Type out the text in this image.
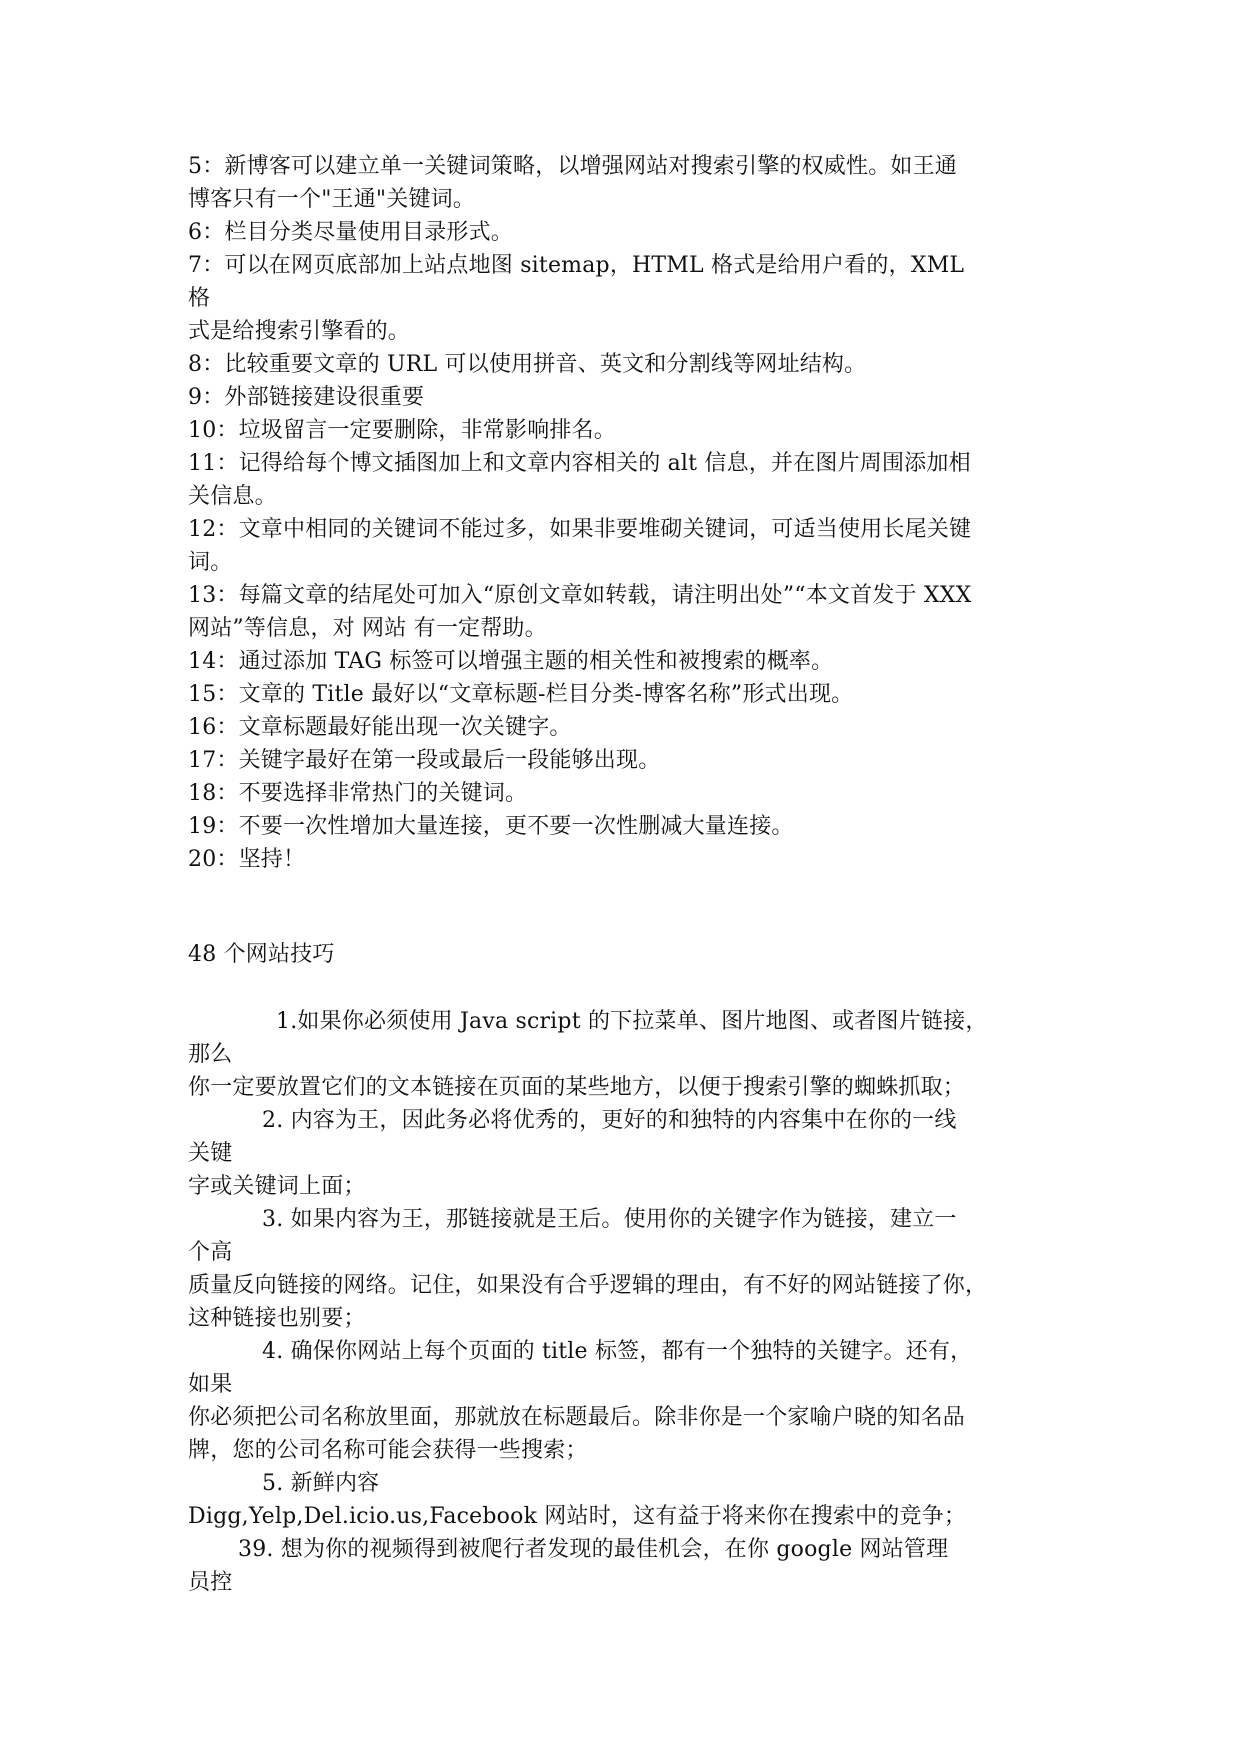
5：新博客可以建立单一关键词策略，以增强网站对搜索引擎的权威性。如王通
博客只有一个"王通"关键词。
6：栏目分类尽量使用目录形式。
7：可以在网页底部加上站点地图 sitemap，HTML 格式是给用户看的，XML
格
式是给搜索引擎看的。
8：比较重要文章的 URL 可以使用拼音、英文和分割线等网址结构。
9：外部链接建设很重要
10：垃圾留言一定要删除，非常影响排名。
11：记得给每个博文插图加上和文章内容相关的 alt 信息，并在图片周围添加相
关信息。
12：文章中相同的关键词不能过多，如果非要堆砌关键词，可适当使用长尾关键
词。
13：每篇文章的结尾处可加入“原创文章如转载，请注明出处”“本文首发于 XXX
网站”等信息，对 网站 有一定帮助。
14：通过添加 TAG 标签可以增强主题的相关性和被搜索的概率。
15：文章的 Title 最好以“文章标题-栏目分类-博客名称”形式出现。
16：文章标题最好能出现一次关键字。
17：关键字最好在第一段或最后一段能够出现。
18：不要选择非常热门的关键词。
19：不要一次性增加大量连接，更不要一次性删减大量连接。
20：坚持！
48 个网站技巧
1.如果你必须使用 Java script 的下拉菜单、图片地图、或者图片链接，
那么
你一定要放置它们的文本链接在页面的某些地方，以便于搜索引擎的蜘蛛抓取；
2. 内容为王，因此务必将优秀的，更好的和独特的内容集中在你的一线
关键
字或关键词上面；
3. 如果内容为王，那链接就是王后。使用你的关键字作为链接，建立一
个高
质量反向链接的网络。记住，如果没有合乎逻辑的理由，有不好的网站链接了你，
这种链接也别要；
4. 确保你网站上每个页面的 title 标签，都有一个独特的关键字。还有，
如果
你必须把公司名称放里面，那就放在标题最后。除非你是一个家喻户晓的知名品
牌，您的公司名称可能会获得一些搜索；
5. 新鲜内容
Digg,Yelp,Del.icio.us,Facebook 网站时，这有益于将来你在搜索中的竞争；
39. 想为你的视频得到被爬行者发现的最佳机会，在你 google 网站管理
员控
